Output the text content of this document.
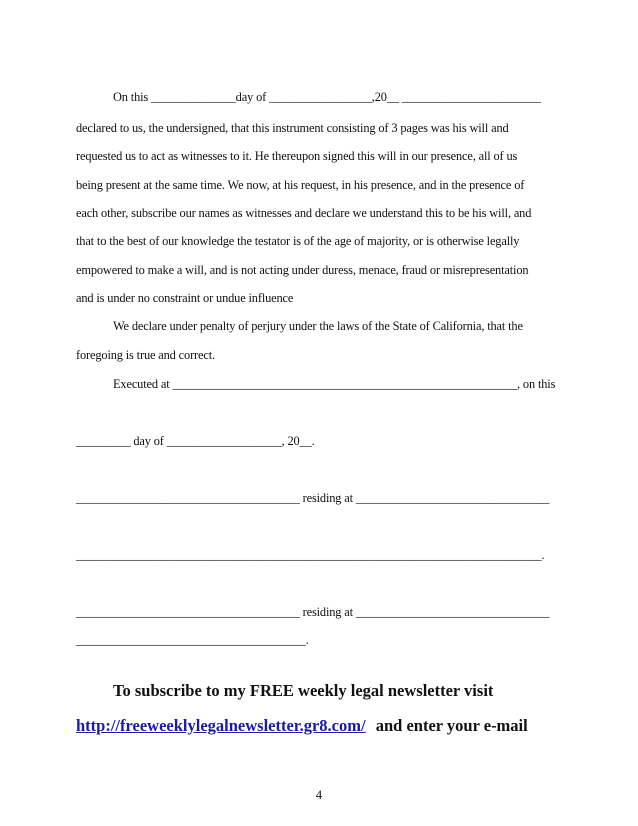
On this ______________day of _________________,20__ _______________________
declared to us, the undersigned, that this instrument consisting of 3 pages was his will and
requested us to act as witnesses to it. He thereupon signed this will in our presence, all of us
being present at the same time. We now, at his request, in his presence, and in the presence of
each other, subscribe our names as witnesses and declare we understand this to be his will, and
that to the best of our knowledge the testator is of the age of majority, or is otherwise legally
empowered to make a will, and is not acting under duress, menace, fraud or misrepresentation
and is under no constraint or undue influence
We declare under penalty of perjury under the laws of the State of California, that the
foregoing is true and correct.
Executed at _________________________________________________________, on this
_________ day of ___________________, 20__.
_____________________________________ residing at ________________________________
_____________________________________________________________________________.
_____________________________________ residing at ________________________________
______________________________________.
To subscribe to my FREE weekly legal newsletter visit
http://freeweeklylegalnewsletter.gr8.com/ and enter your e-mail
4
